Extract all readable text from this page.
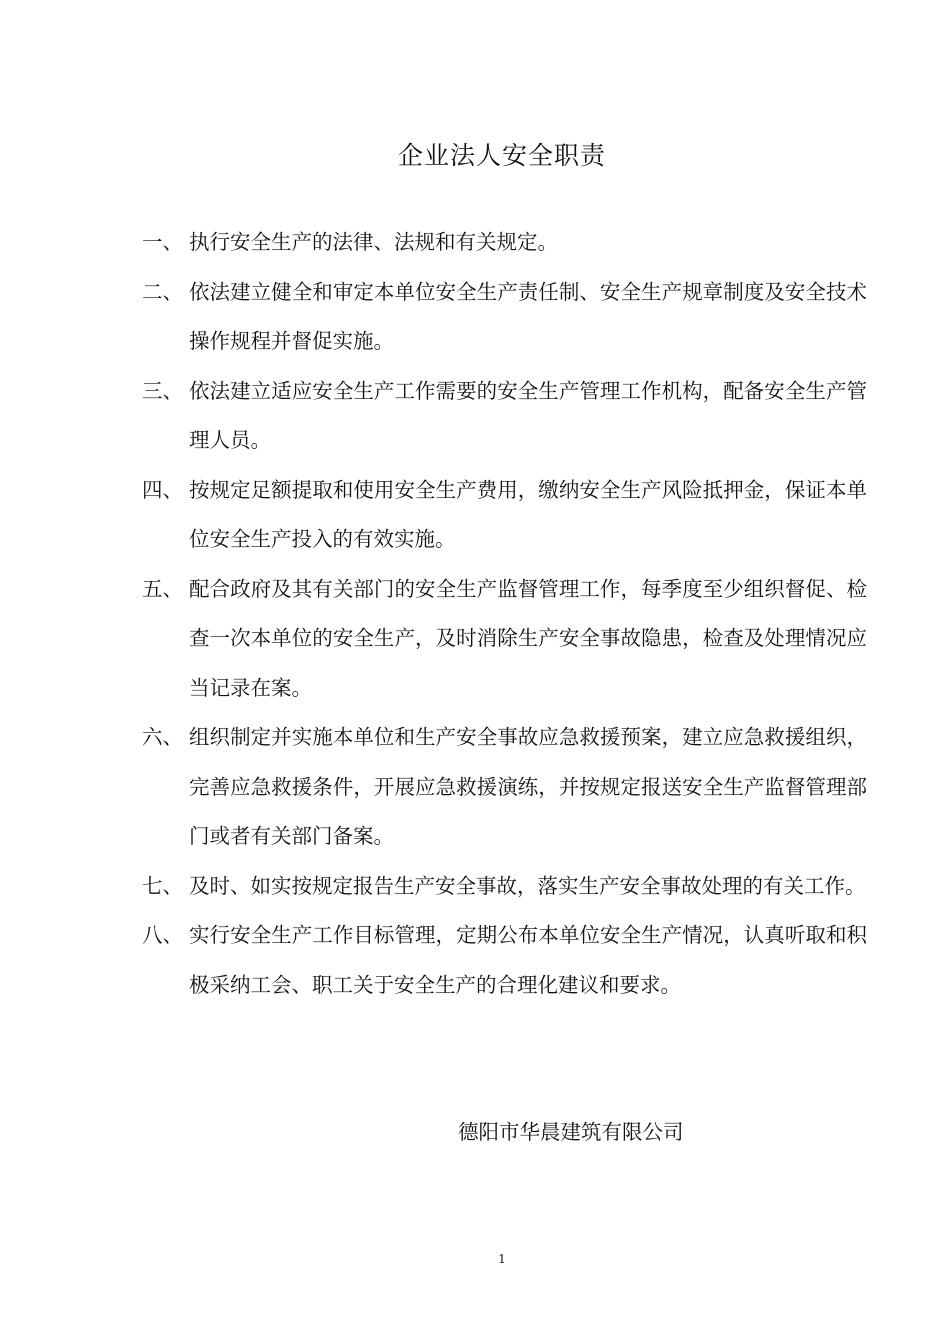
企业法人安全职责
一、 执行安全生产的法律、法规和有关规定。
二、 依法建立健全和审定本单位安全生产责任制、安全生产规章制度及安全技术操作规程并督促实施。
三、 依法建立适应安全生产工作需要的安全生产管理工作机构，配备安全生产管理人员。
四、 按规定足额提取和使用安全生产费用，缴纳安全生产风险抵押金，保证本单位安全生产投入的有效实施。
五、 配合政府及其有关部门的安全生产监督管理工作，每季度至少组织督促、检查一次本单位的安全生产，及时消除生产安全事故隐患，检查及处理情况应当记录在案。
六、 组织制定并实施本单位和生产安全事故应急救援预案，建立应急救援组织，完善应急救援条件，开展应急救援演练，并按规定报送安全生产监督管理部门或者有关部门备案。
七、 及时、如实按规定报告生产安全事故，落实生产安全事故处理的有关工作。
八、 实行安全生产工作目标管理，定期公布本单位安全生产情况，认真听取和积极采纳工会、职工关于安全生产的合理化建议和要求。
德阳市华晨建筑有限公司
1
